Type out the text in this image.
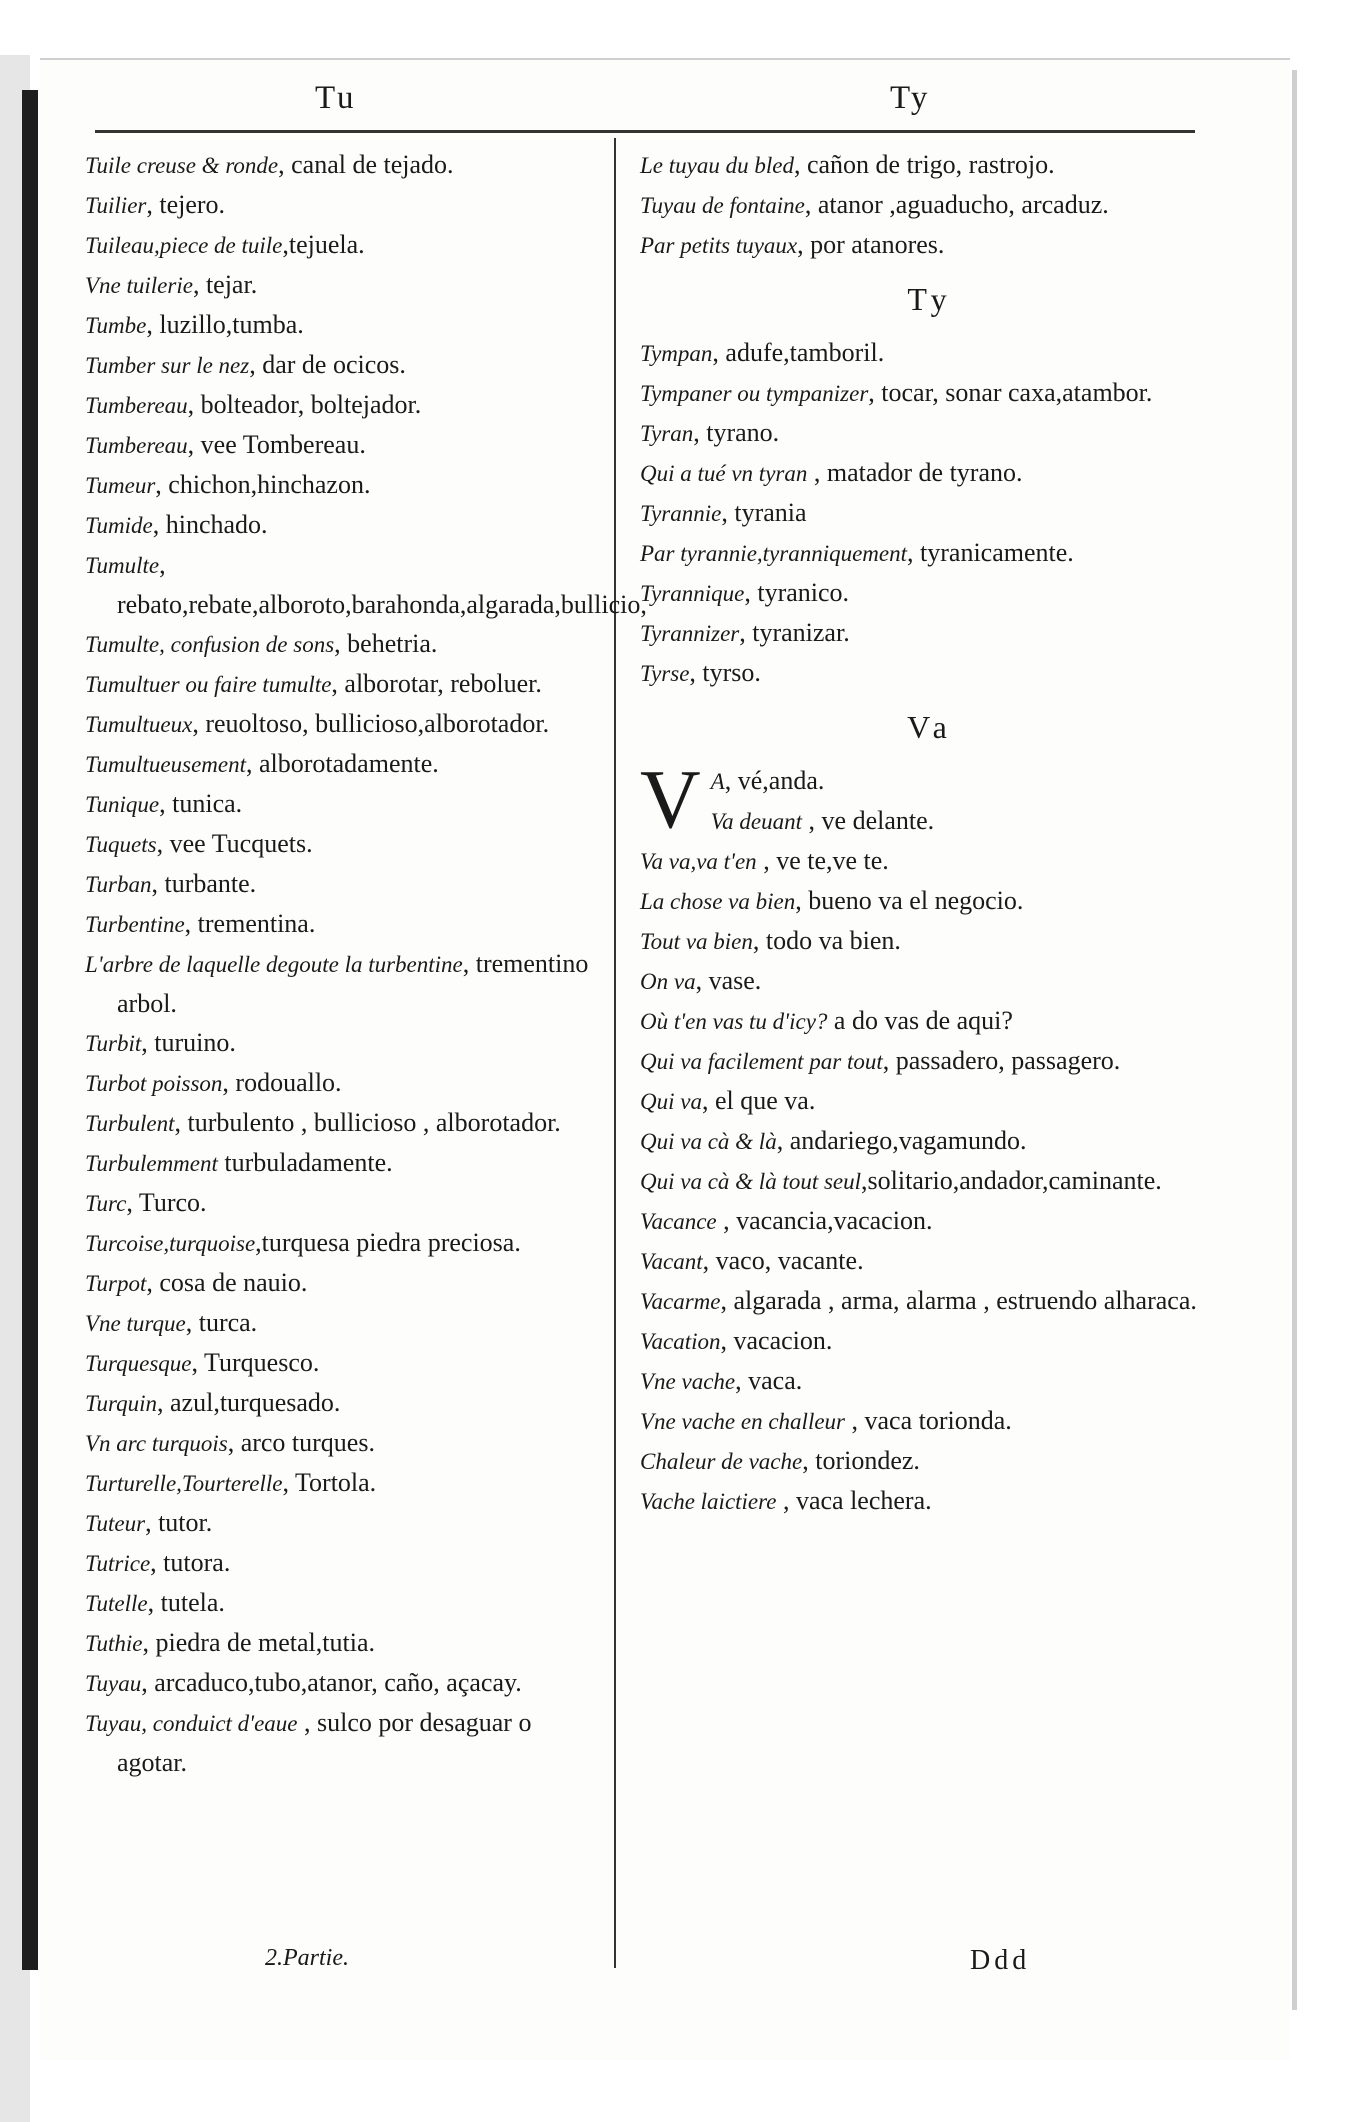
Tu	Ty
Tuile creuse & ronde, canal de tejado.
Tuilier, tejero.
Tuileau,piece de tuile,tejuela.
Vne tuilerie, tejar.
Tumbe, luzillo,tumba.
Tumber sur le nez, dar de ocicos.
Tumbereau, bolteador, boltejador.
Tumbereau, vee Tombereau.
Tumeur, chichon,hinchazon.
Tumide, hinchado.
Tumulte, rebato,rebate,alboroto,barahonda,algarada,bullicio,
Tumulte, confusion de sons, behetria.
Tumultuer ou faire tumulte, alborotar, reboluer.
Tumultueux, reuoltoso, bullicioso,alborotador.
Tumultueusement, alborotadamente.
Tunique, tunica.
Tuquets, vee Tucquets.
Turban, turbante.
Turbentine, trementina.
L'arbre de laquelle degoute la turbentine, trementino arbol.
Turbit, turuino.
Turbot poisson, rodouallo.
Turbulent, turbulento , bullicioso , alborotador.
Turbulemment turbuladamente.
Turc, Turco.
Turcoise,turquoise,turquesa piedra preciosa.
Turpot, cosa de nauio.
Vne turque, turca.
Turquesque, Turquesco.
Turquin, azul,turquesado.
Vn arc turquois, arco turques.
Turturelle,Tourterelle, Tortola.
Tuteur, tutor.
Tutrice, tutora.
Tutelle, tutela.
Tuthie, piedra de metal,tutia.
Tuyau, arcaduco,tubo,atanor, caño, açacay.
Tuyau, conduict d'eaue , sulco por desaguar o agotar.
Le tuyau du bled, cañon de trigo, rastrojo.
Tuyau de fontaine, atanor ,aguaducho, arcaduz.
Par petits tuyaux, por atanores.
Ty
Tympan, adufe,tamboril.
Tympaner ou tympanizer, tocar, sonar caxa,atambor.
Tyran, tyrano.
Qui a tué vn tyran , matador de tyrano.
Tyrannie, tyrania
Par tyrannie,tyranniquement, tyranicamente.
Tyrannique, tyranico.
Tyrannizer, tyranizar.
Tyrse, tyrso.
Va
V A, vé,anda.
Va deuant , ve delante.
Va va,va t'en , ve te,ve te.
La chose va bien, bueno va el negocio.
Tout va bien, todo va bien.
On va, vase.
Où t'en vas tu d'icy? a do vas de aqui?
Qui va facilement par tout, passadero, passagero.
Qui va, el que va.
Qui va cà & là, andariego,vagamundo.
Qui va cà & là tout seul,solitario,andador,caminante.
Vacance , vacancia,vacacion.
Vacant, vaco, vacante.
Vacarme, algarada , arma, alarma , estruendo alharaca.
Vacation, vacacion.
Vne vache, vaca.
Vne vache en challeur , vaca toriondа.
Chaleur de vache, toriondez.
Vache laictiere , vaca lechera.
2.Partie.	Ddd
